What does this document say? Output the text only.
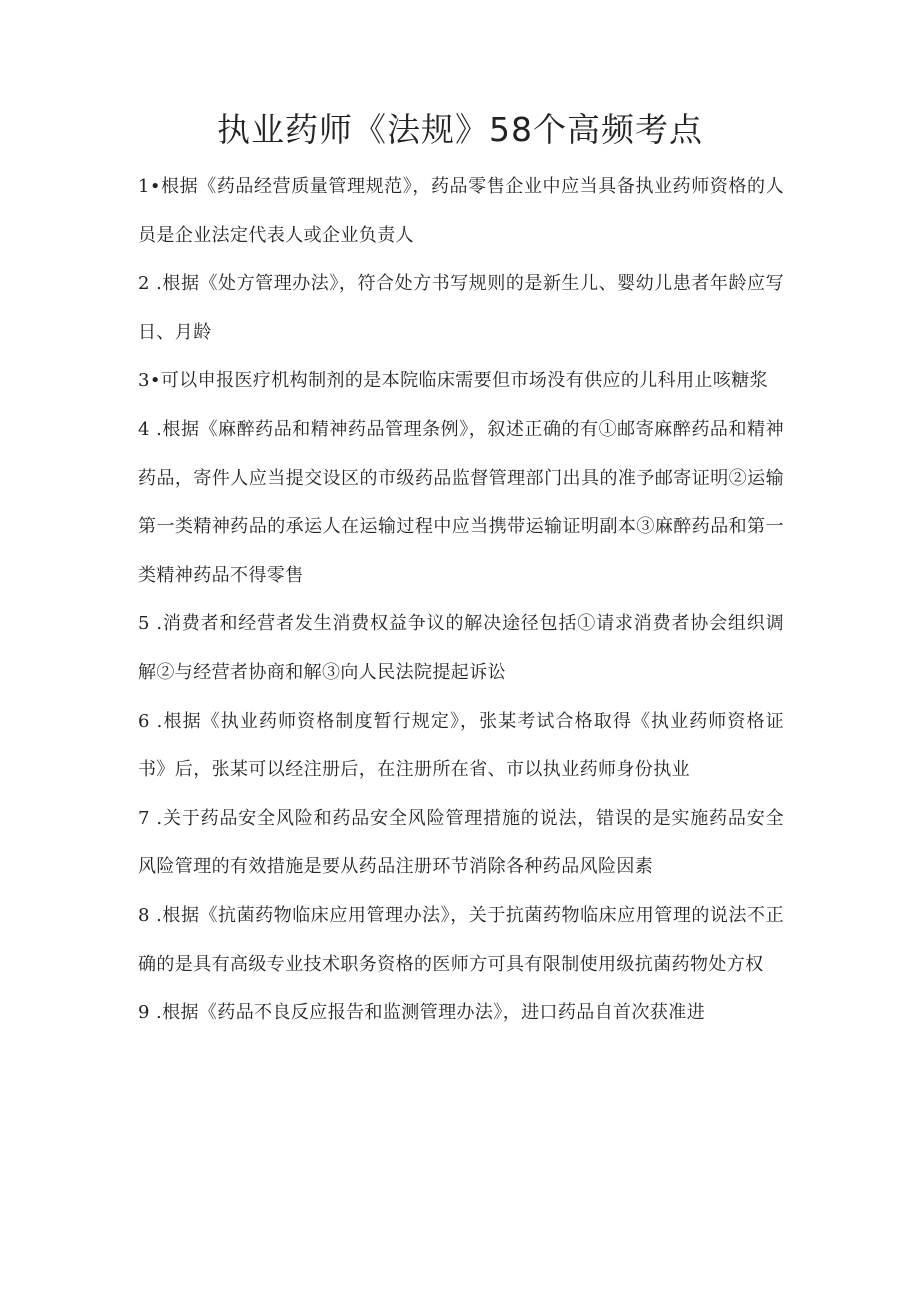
执业药师《法规》58个高频考点

1•根据《药品经营质量管理规范》，药品零售企业中应当具备执业药师资格的人员是企业法定代表人或企业负责人

2 .根据《处方管理办法》，符合处方书写规则的是新生儿、婴幼儿患者年龄应写日、月龄

3•可以申报医疗机构制剂的是本院临床需要但市场没有供应的儿科用止咳糖浆

4 .根据《麻醉药品和精神药品管理条例》，叙述正确的有①邮寄麻醉药品和精神药品，寄件人应当提交设区的市级药品监督管理部门出具的准予邮寄证明②运输第一类精神药品的承运人在运输过程中应当携带运输证明副本③麻醉药品和第一类精神药品不得零售

5 .消费者和经营者发生消费权益争议的解决途径包括①请求消费者协会组织调解②与经营者协商和解③向人民法院提起诉讼

6 .根据《执业药师资格制度暂行规定》，张某考试合格取得《执业药师资格证书》后，张某可以经注册后，在注册所在省、市以执业药师身份执业

7 .关于药品安全风险和药品安全风险管理措施的说法，错误的是实施药品安全风险管理的有效措施是要从药品注册环节消除各种药品风险因素

8 .根据《抗菌药物临床应用管理办法》，关于抗菌药物临床应用管理的说法不正确的是具有高级专业技术职务资格的医师方可具有限制使用级抗菌药物处方权

9 .根据《药品不良反应报告和监测管理办法》，进口药品自首次获准进
